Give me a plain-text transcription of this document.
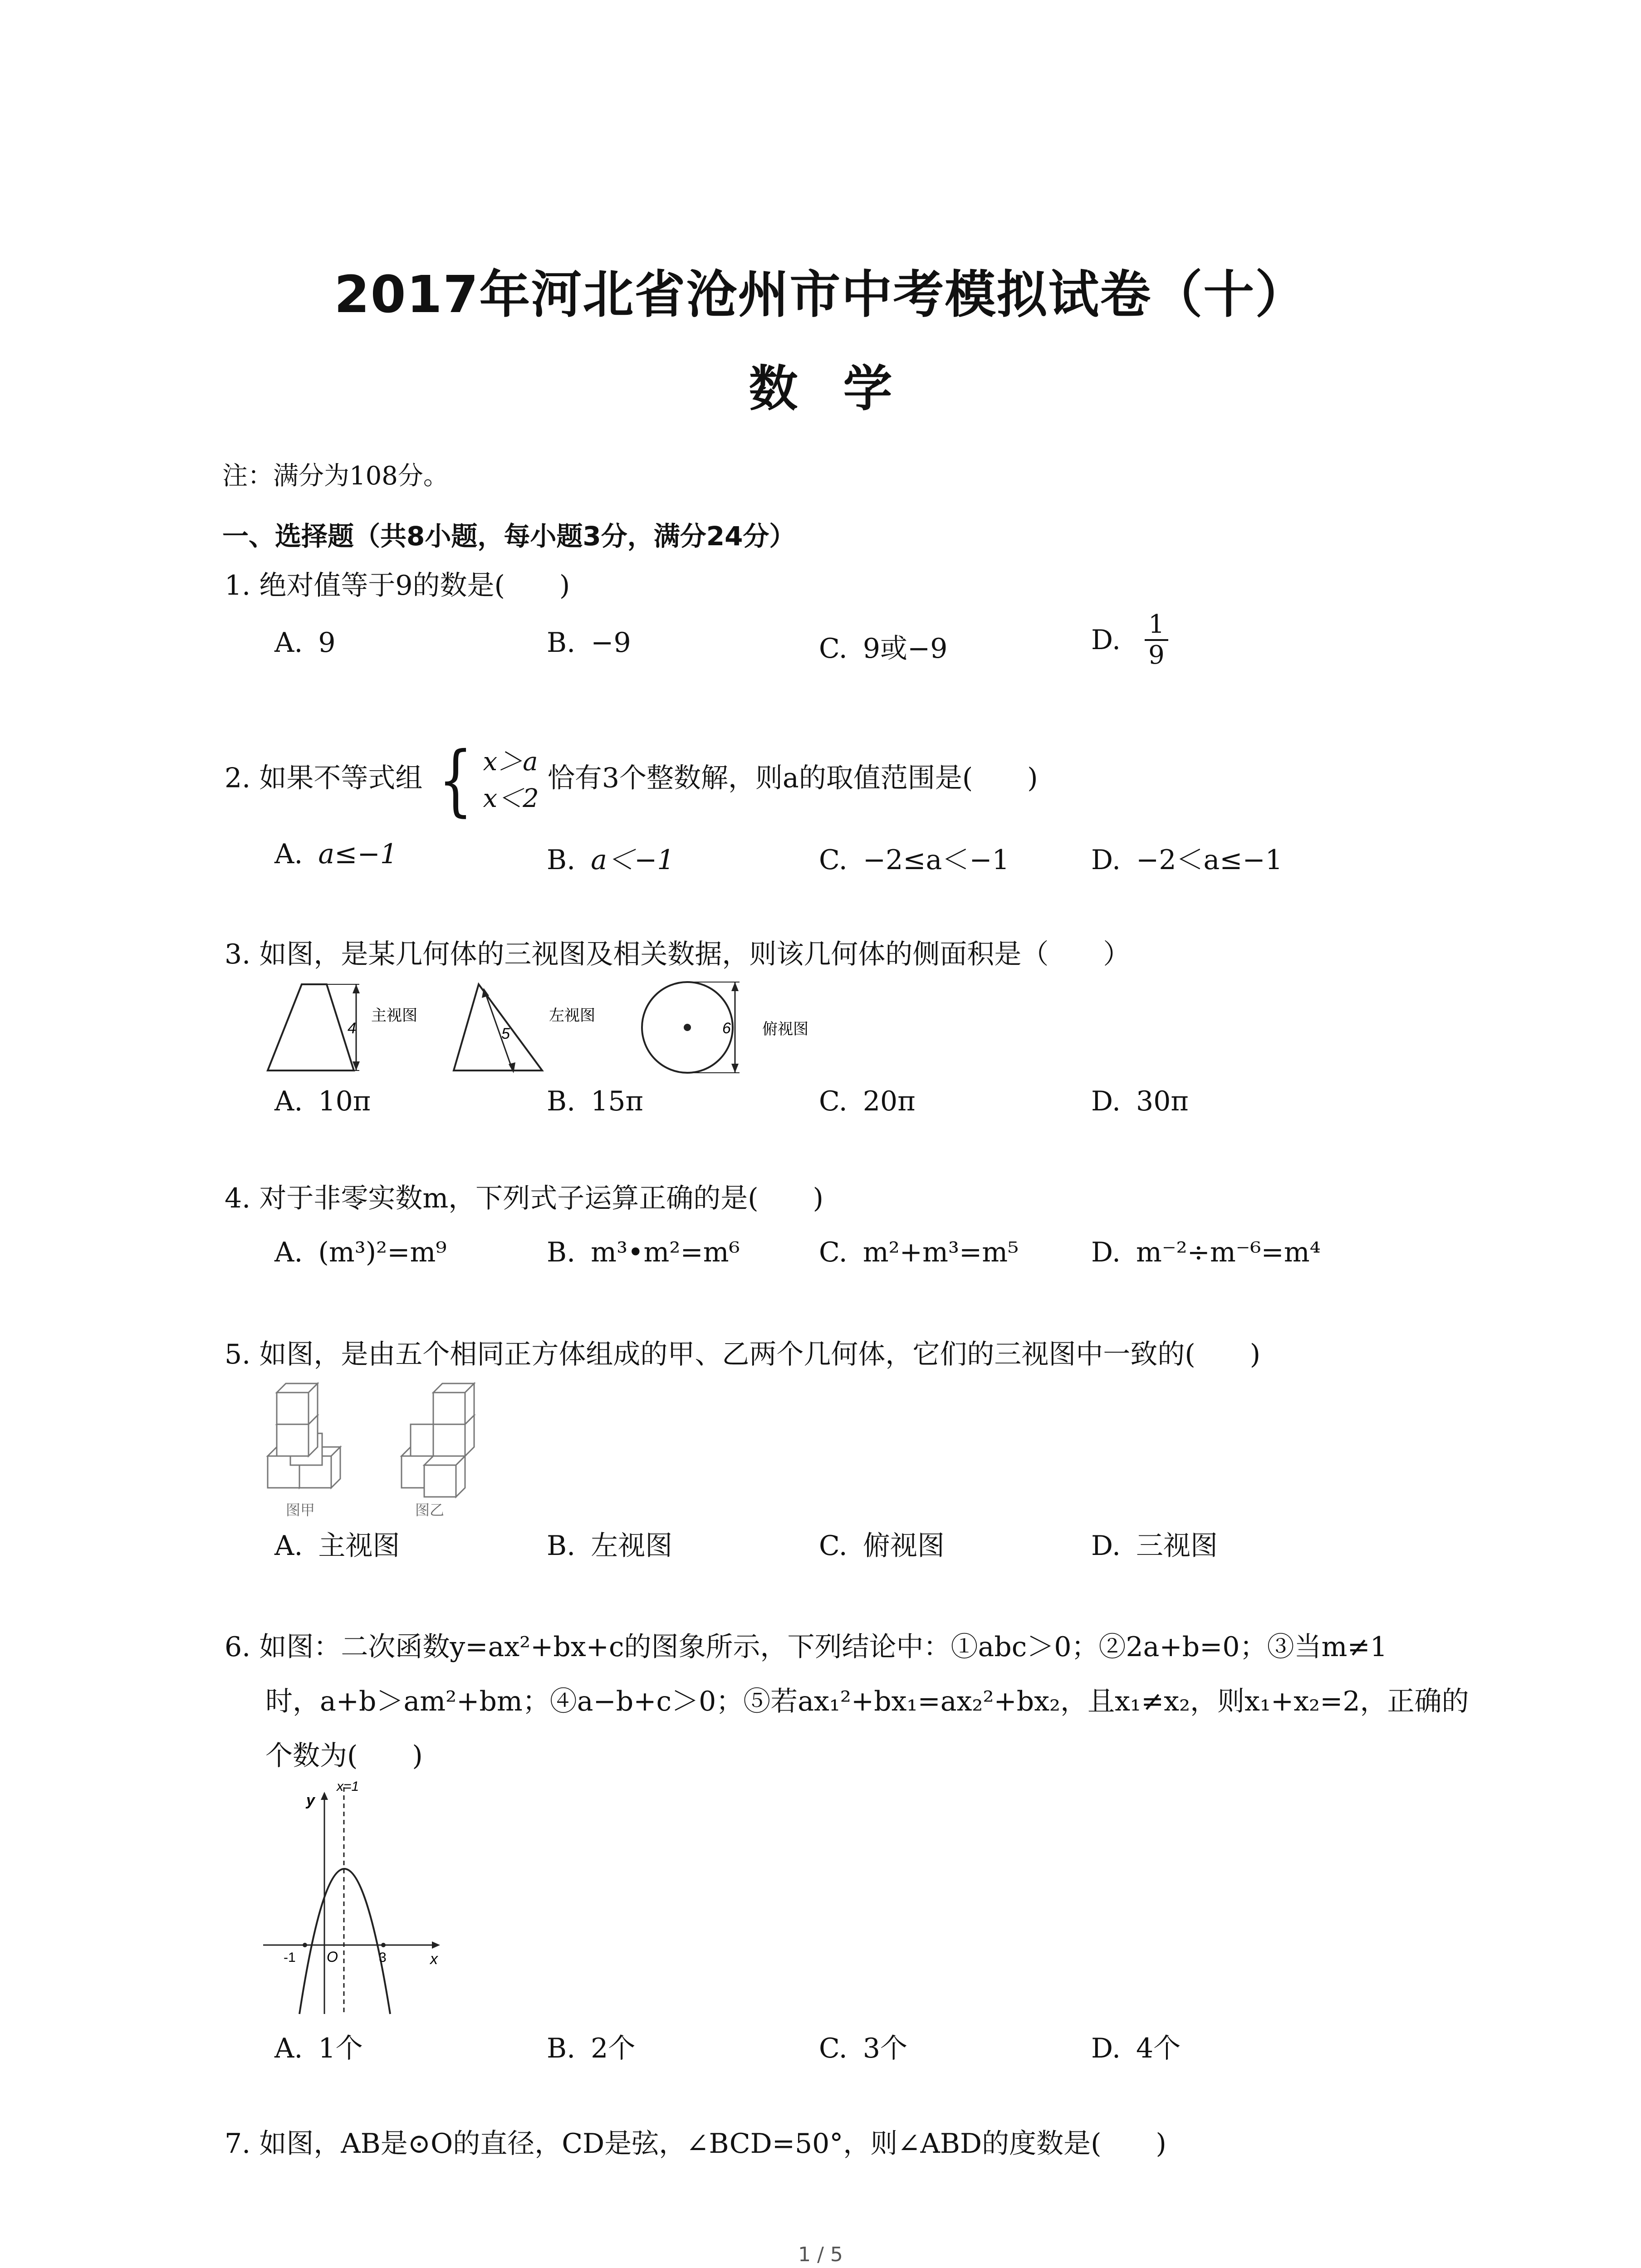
2017年河北省沧州市中考模拟试卷（十）
数学
注：满分为108分。
一、选择题（共8小题，每小题3分，满分24分）
1. 绝对值等于9的数是(　　)
A. 9	B. −9	C. 9或−9	D. $\frac{1}{9}$
2. 如果不等式组 { x＞a
x＜2
恰有3个整数解，则a的取值范围是(　　)
A. a≤−1	B. a＜−1	C. −2≤a＜−1	D. −2＜a≤−1
3. 如图，是某几何体的三视图及相关数据，则该几何体的侧面积是（　　）
4
主视图
5
左视图
6 俯视图
A. 10π	B. 15π	C. 20π	D. 30π
4. 对于非零实数m，下列式子运算正确的是(　　)
A. (m³)²=m⁹	B. m³•m²=m⁶	C. m²+m³=m⁵	D. m⁻²÷m⁻⁶=m⁴
5. 如图，是由五个相同正方体组成的甲、乙两个几何体，它们的三视图中一致的(　　)
图甲	图乙
A. 主视图	B. 左视图	C. 俯视图	D. 三视图
6. 如图：二次函数y=ax²+bx+c的图象所示，下列结论中：①abc＞0；②2a+b=0；③当m≠1
时，a+b＞am²+bm；④a−b+c＞0；⑤若ax₁²+bx₁=ax₂²+bx₂，且x₁≠x₂，则x₁+x₂=2，正确的
个数为(　　)
y
x=1
x
O
-1	3
A. 1个	B. 2个	C. 3个	D. 4个
7. 如图，AB是⊙O的直径，CD是弦，∠BCD=50°，则∠ABD的度数是(　　)
1 / 5
